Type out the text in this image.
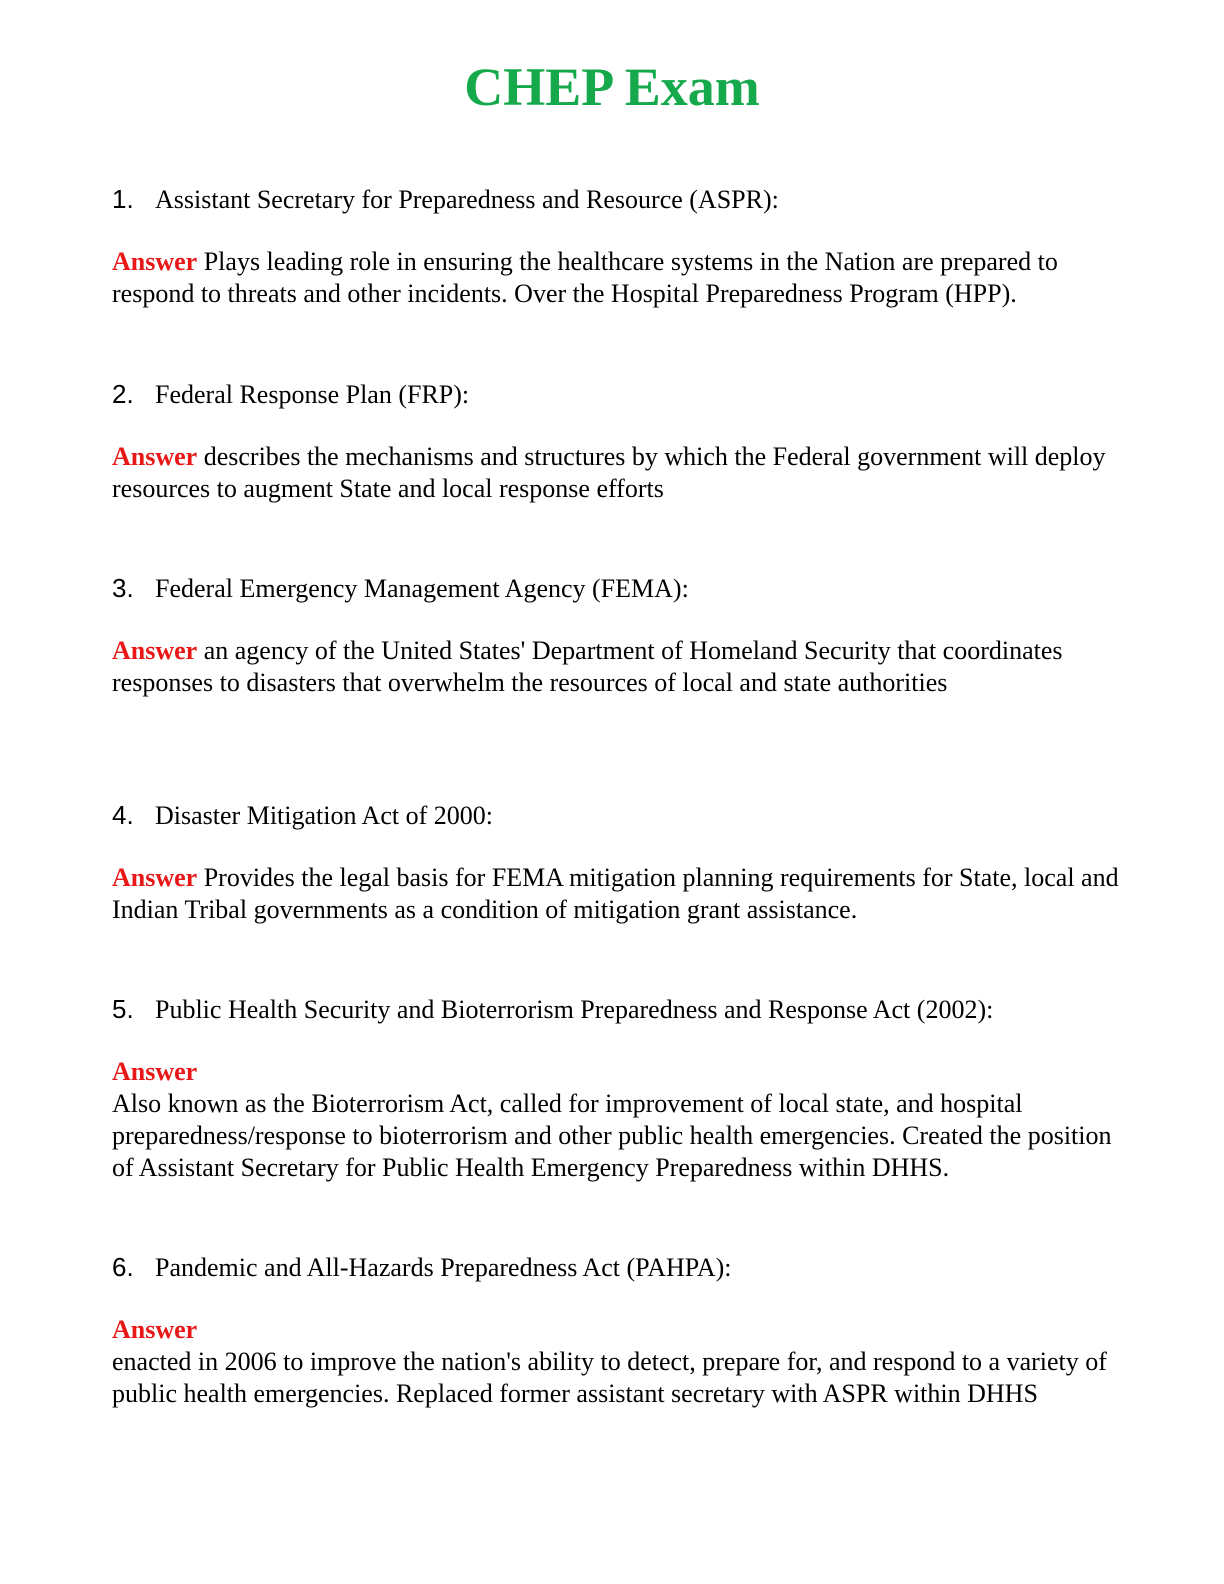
CHEP Exam
1. Assistant Secretary for Preparedness and Resource (ASPR):
Answer Plays leading role in ensuring the healthcare systems in the Nation are prepared to respond to threats and other incidents. Over the Hospital Preparedness Program (HPP).
2. Federal Response Plan (FRP):
Answer describes the mechanisms and structures by which the Federal government will deploy resources to augment State and local response efforts
3. Federal Emergency Management Agency (FEMA):
Answer an agency of the United States' Department of Homeland Security that coordinates responses to disasters that overwhelm the resources of local and state authorities
4. Disaster Mitigation Act of 2000:
Answer Provides the legal basis for FEMA mitigation planning requirements for State, local and Indian Tribal governments as a condition of mitigation grant assistance.
5. Public Health Security and Bioterrorism Preparedness and Response Act (2002):
Answer
Also known as the Bioterrorism Act, called for improvement of local state, and hospital preparedness/response to bioterrorism and other public health emergencies. Created the position of Assistant Secretary for Public Health Emergency Preparedness within DHHS.
6. Pandemic and All-Hazards Preparedness Act (PAHPA):
Answer
enacted in 2006 to improve the nation's ability to detect, prepare for, and respond to a variety of public health emergencies. Replaced former assistant secretary with ASPR within DHHS
